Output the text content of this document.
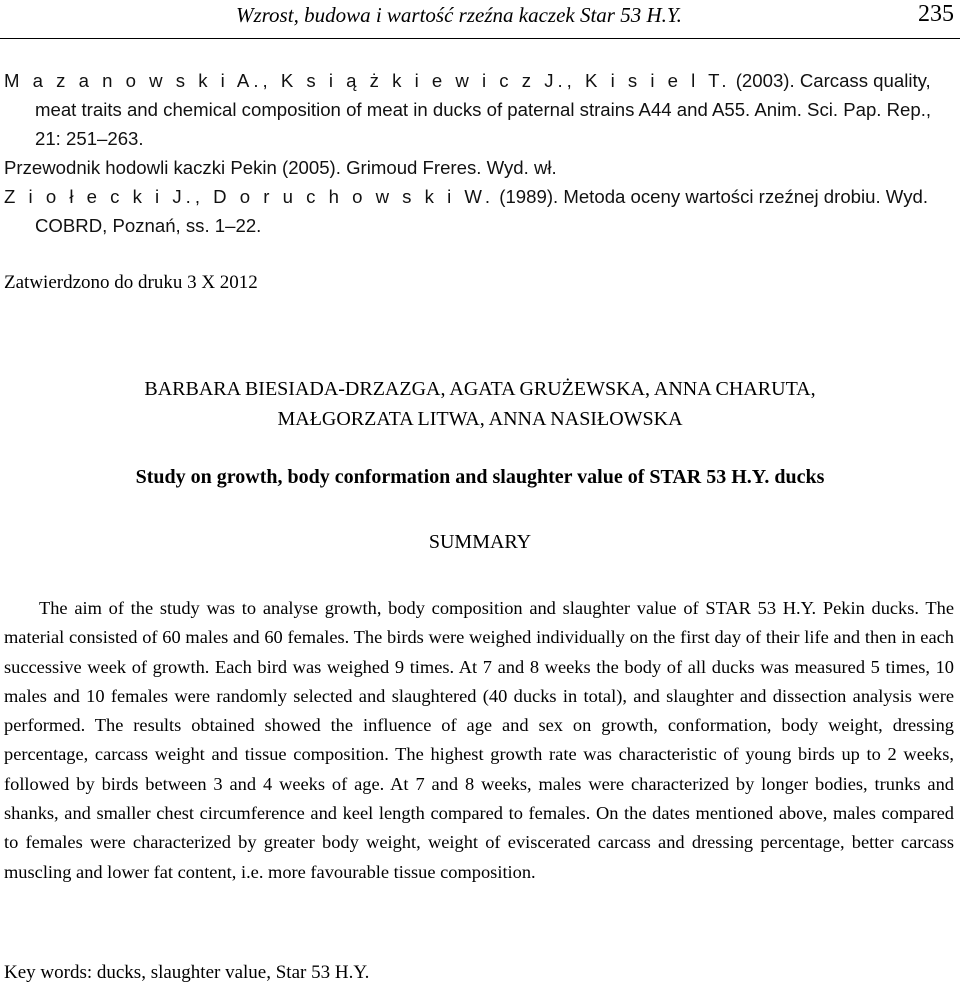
Wzrost, budowa i wartość rzeźna kaczek Star 53 H.Y.	235
M a z a n o w s k i A., K s i ą ż k i e w i c z J., K i s i e l T. (2003). Carcass quality, meat traits and chemical composition of meat in ducks of paternal strains A44 and A55. Anim. Sci. Pap. Rep., 21: 251–263.
Przewodnik hodowli kaczki Pekin (2005). Grimoud Freres. Wyd. wł.
Z i o ł e c k i J., D o r u c h o w s k i W. (1989). Metoda oceny wartości rzeźnej drobiu. Wyd. COBRD, Poznań, ss. 1–22.
Zatwierdzono do druku 3 X 2012
BARBARA BIESIADA-DRZAZGA, AGATA GRUŻEWSKA, ANNA CHARUTA,
MAŁGORZATA LITWA, ANNA NASIŁOWSKA
Study on growth, body conformation and slaughter value of STAR 53 H.Y. ducks
SUMMARY

The aim of the study was to analyse growth, body composition and slaughter value of STAR 53 H.Y. Pekin ducks. The material consisted of 60 males and 60 females. The birds were weighed individually on the first day of their life and then in each successive week of growth. Each bird was weighed 9 times. At 7 and 8 weeks the body of all ducks was measured 5 times, 10 males and 10 females were randomly selected and slaughtered (40 ducks in total), and slaughter and dissection analysis were performed. The results obtained showed the influence of age and sex on growth, conformation, body weight, dressing percentage, carcass weight and tissue composition. The highest growth rate was characteristic of young birds up to 2 weeks, followed by birds between 3 and 4 weeks of age. At 7 and 8 weeks, males were characterized by longer bodies, trunks and shanks, and smaller chest circumference and keel length compared to females. On the dates mentioned above, males compared to females were characterized by greater body weight, weight of eviscerated carcass and dressing percentage, better carcass muscling and lower fat content, i.e. more favourable tissue composition.

Key words: ducks, slaughter value, Star 53 H.Y.
